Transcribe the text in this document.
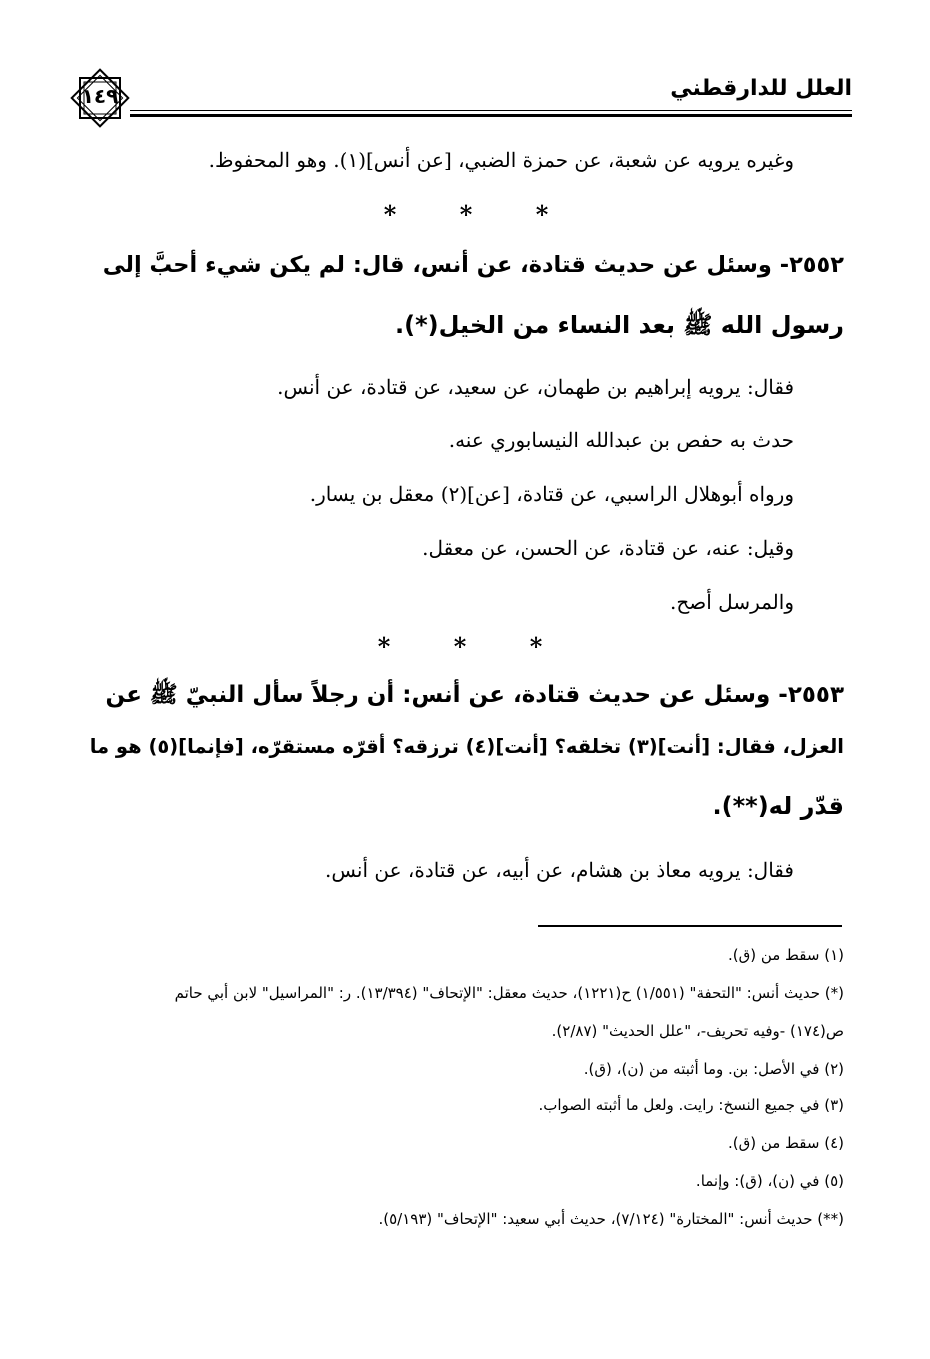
العلل للدارقطني
١٤٩
وغيره يرويه عن شعبة، عن حمزة الضبي، [عن أنس](١). وهو المحفوظ.
***
٢٥٥٢- وسئل عن حديث قتادة، عن أنس، قال: لم يكن شيء أحبَّ إلى
رسول الله ﷺ بعد النساء من الخيل(*).
فقال: يرويه إبراهيم بن طهمان، عن سعيد، عن قتادة، عن أنس.
حدث به حفص بن عبدالله النيسابوري عنه.
ورواه أبوهلال الراسبي، عن قتادة، [عن](٢) معقل بن يسار.
وقيل: عنه، عن قتادة، عن الحسن، عن معقل.
والمرسل أصح.
***
٢٥٥٣- وسئل عن حديث قتادة، عن أنس: أن رجلاً سأل النبيّ ﷺ عن
العزل، فقال: [أنت](٣) تخلقه؟ [أنت](٤) ترزقه؟ أقرّه مستقرّه، [فإنما](٥) هو ما
قدّر له(**).
فقال: يرويه معاذ بن هشام، عن أبيه، عن قتادة، عن أنس.
(١) سقط من (ق).
(*) حديث أنس: "التحفة" (١/٥٥١) ح(١٢٢١)، حديث معقل: "الإتحاف" (١٣/٣٩٤). ر: "المراسيل" لابن أبي حاتم
ص(١٧٤) -وفيه تحريف-، "علل الحديث" (٢/٨٧).
(٢) في الأصل: بن. وما أثبته من (ن)، (ق).
(٣) في جميع النسخ: رايت. ولعل ما أثبته الصواب.
(٤) سقط من (ق).
(٥) في (ن)، (ق): وإنما.
(**) حديث أنس: "المختارة" (٧/١٢٤)، حديث أبي سعيد: "الإتحاف" (٥/١٩٣).
